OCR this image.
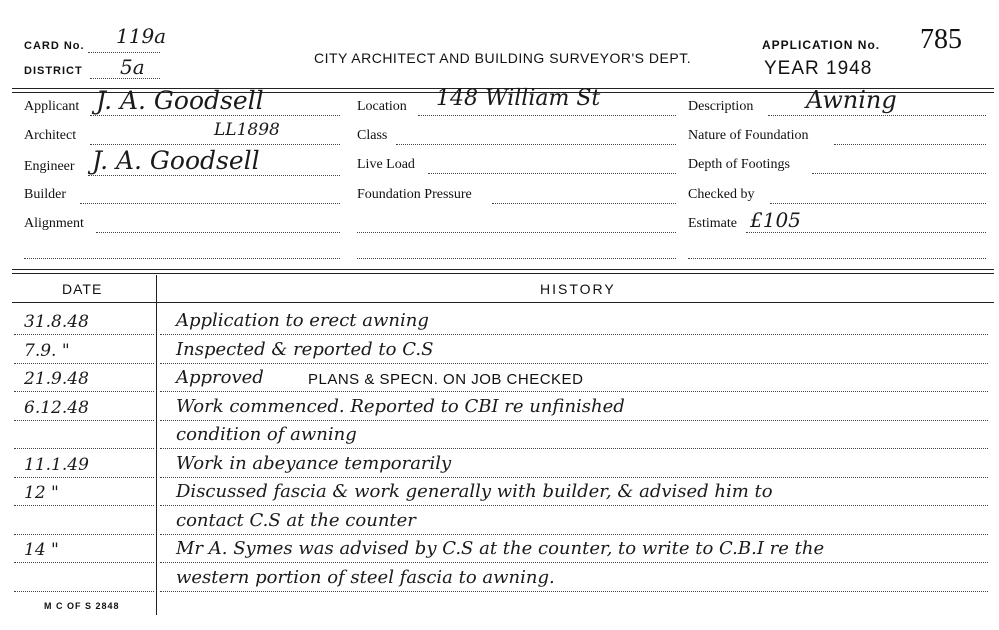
CARD No. 119a
DISTRICT 5a	CITY ARCHITECT AND BUILDING SURVEYOR'S DEPT.
APPLICATION No. 785
YEAR 1948
Applicant J. A. Goodsell
Architect	LL1898
Engineer J. A. Goodsell
Builder
Alignment
Location 148 William St
Class
Live Load
Foundation Pressure
Description Awning
Nature of Foundation
Depth of Footings
Checked by
Estimate £105
DATE	HISTORY
31.8.48	Application to erect awning
7.9. "	Inspected & reported to C.S
21.9.48	Approved	PLANS & SPECN. ON JOB CHECKED
6.12.48	Work commenced. Reported to CBI re unfinished
condition of awning
11.1.49	Work in abeyance temporarily
12 "	Discussed fascia & work generally with builder, & advised him to
contact C.S at the counter
14 "	Mr A. Symes was advised by C.S at the counter, to write to C.B.I re the
western portion of steel fascia to awning.
M C OF S 2848
